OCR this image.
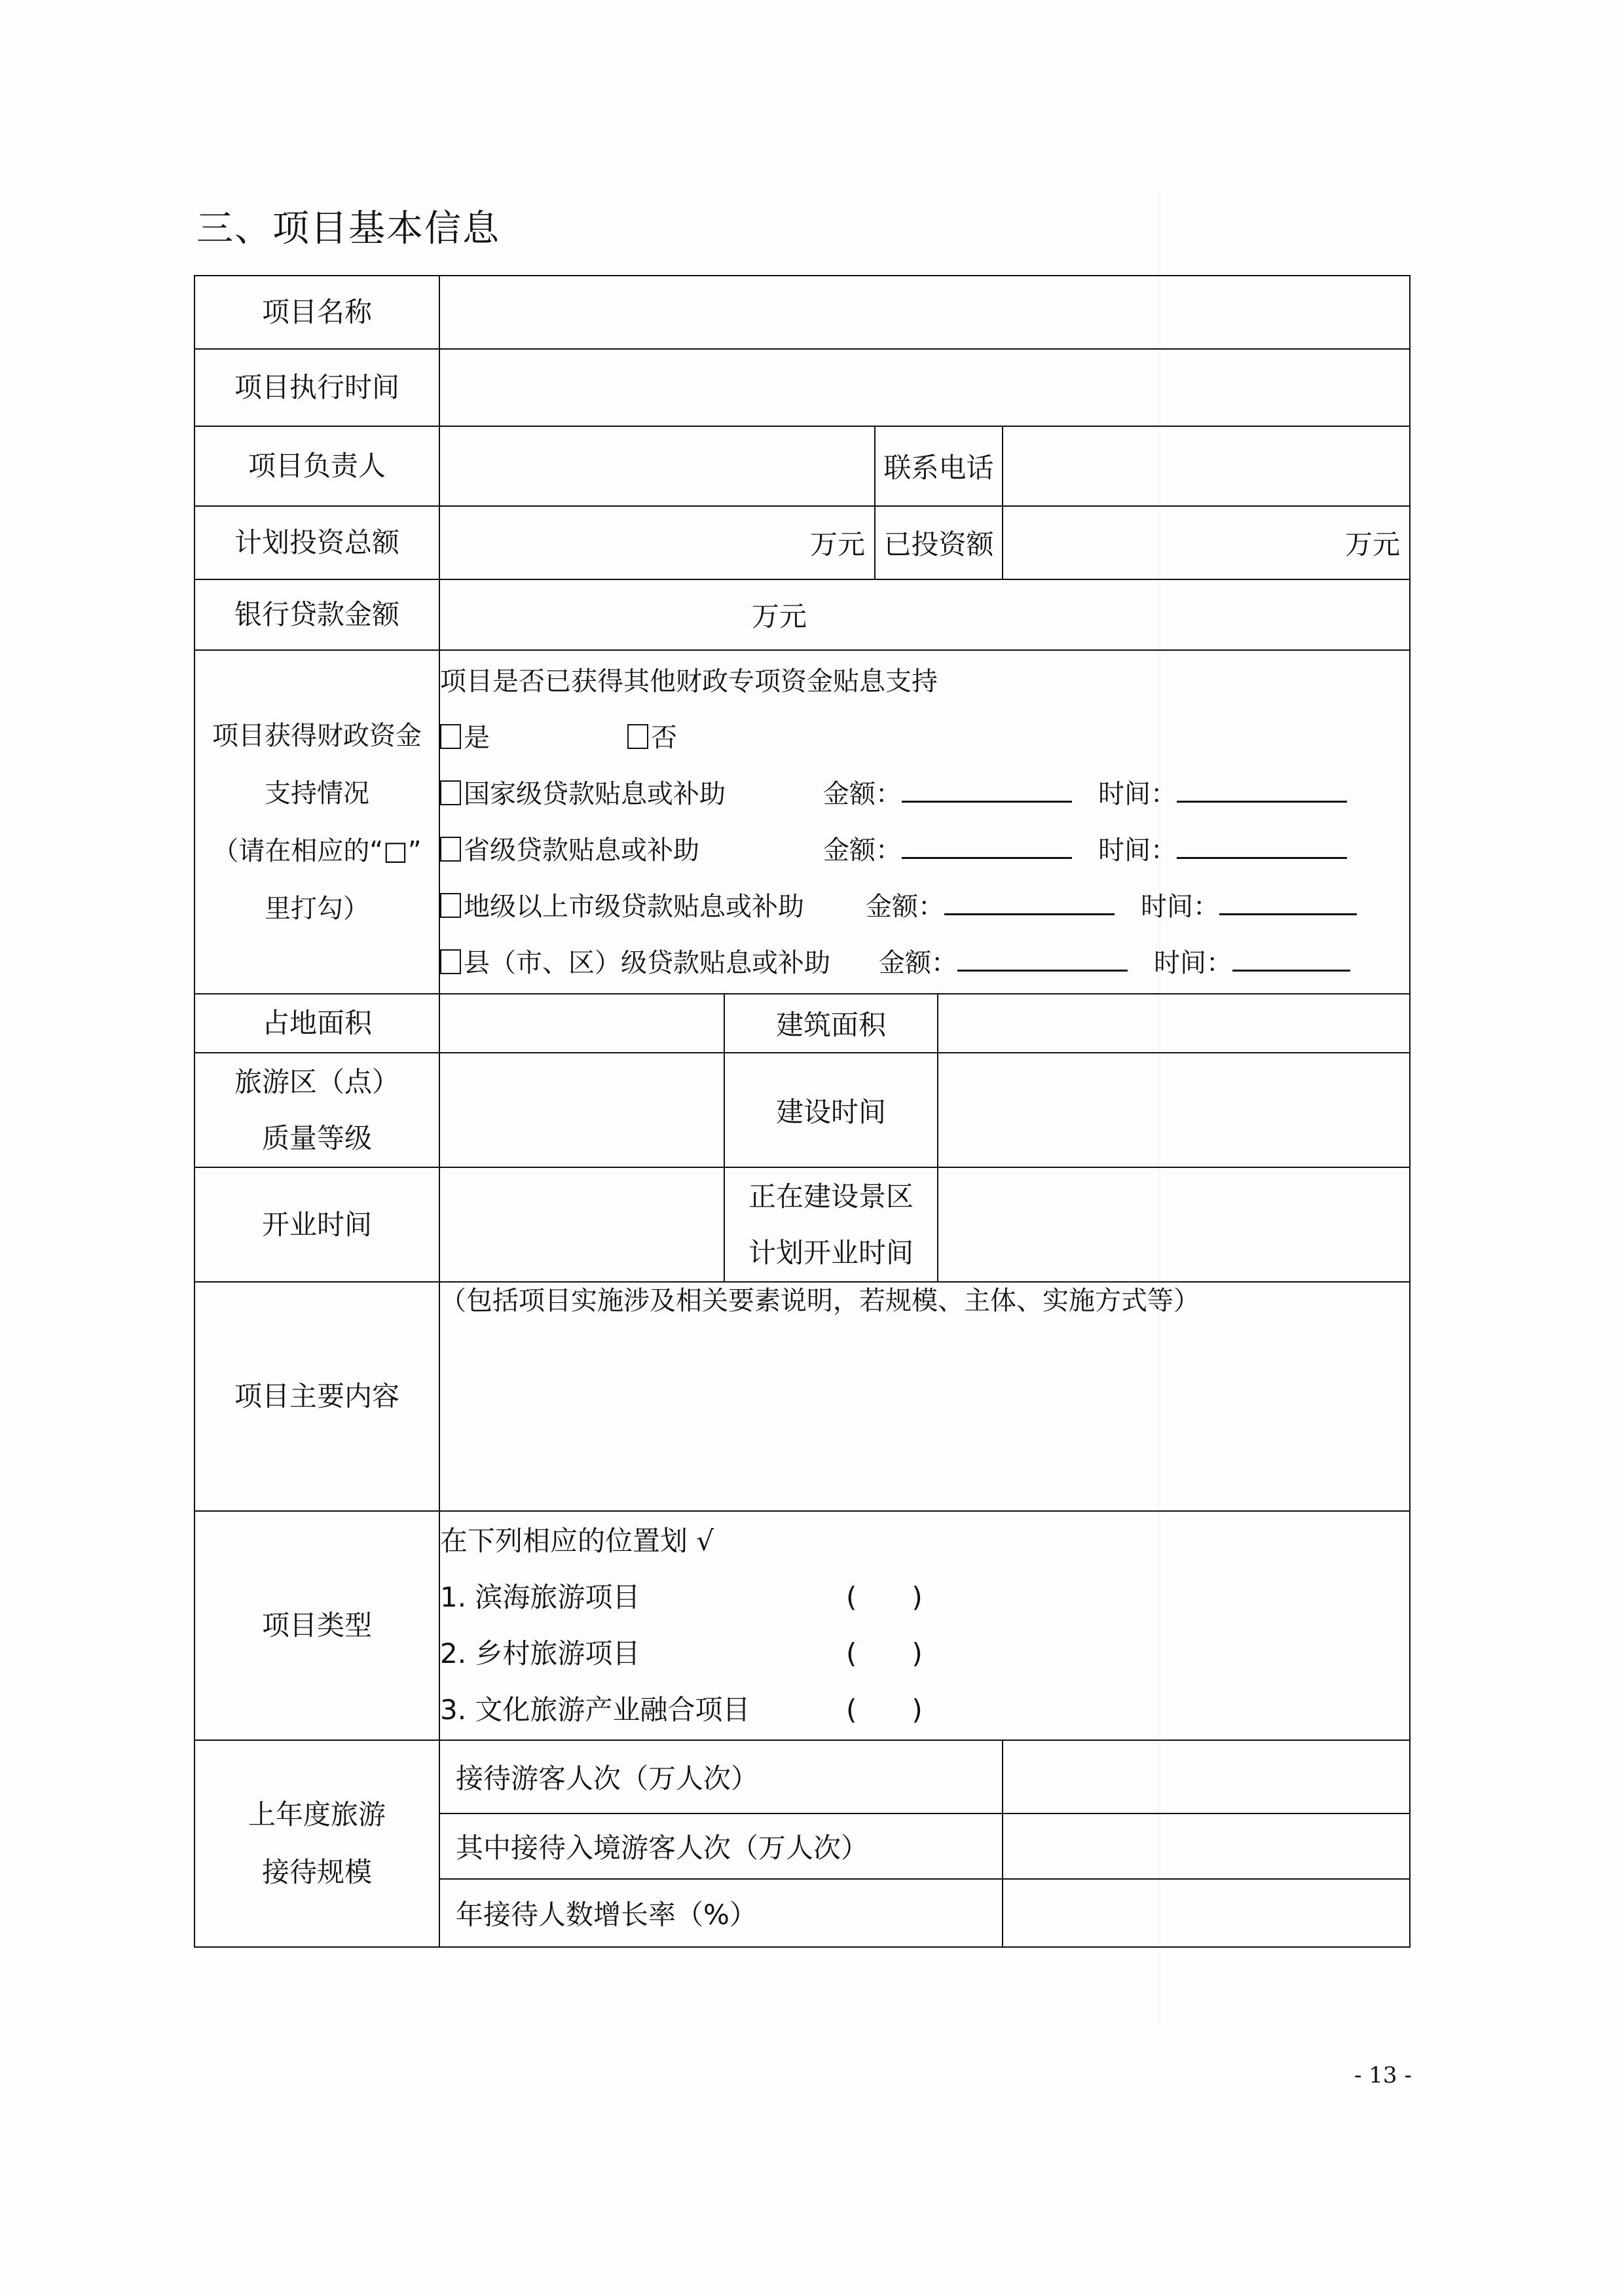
三、项目基本信息
项目名称					
项目执行时间					
项目负责人			联系电话		
计划投资总额	万元		已投资额		万元
银行贷款金额	万元				

项目获得财政资金
支持情况
（请在相应的“□”
里打勾）

项目是否已获得其他财政专项资金贴息支持
是	否
国家级贷款贴息或补助	金额：	时间：
省级贷款贴息或补助	金额：	时间：
地级以上市级贷款贴息或补助	金额：	时间：
县（市、区）级贷款贴息或补助	金额：	时间：

占地面积		建筑面积			

旅游区（点）
质量等级		建设时间			
开业时间		正在建设景区
计划开业时间			

项目主要内容	（包括项目实施涉及相关要素说明，若规模、主体、实施方式等）				
项目类型	
在下列相应的位置划 √
1. 滨海旅游项目	(　　)
2. 乡村旅游项目	(　　)
3. 文化旅游产业融合项目	(　　)

上年度旅游
接待规模	接待游客人次（万人次）				
	其中接待入境游客人次（万人次）				
	年接待人数增长率（%）				
- 13 -
